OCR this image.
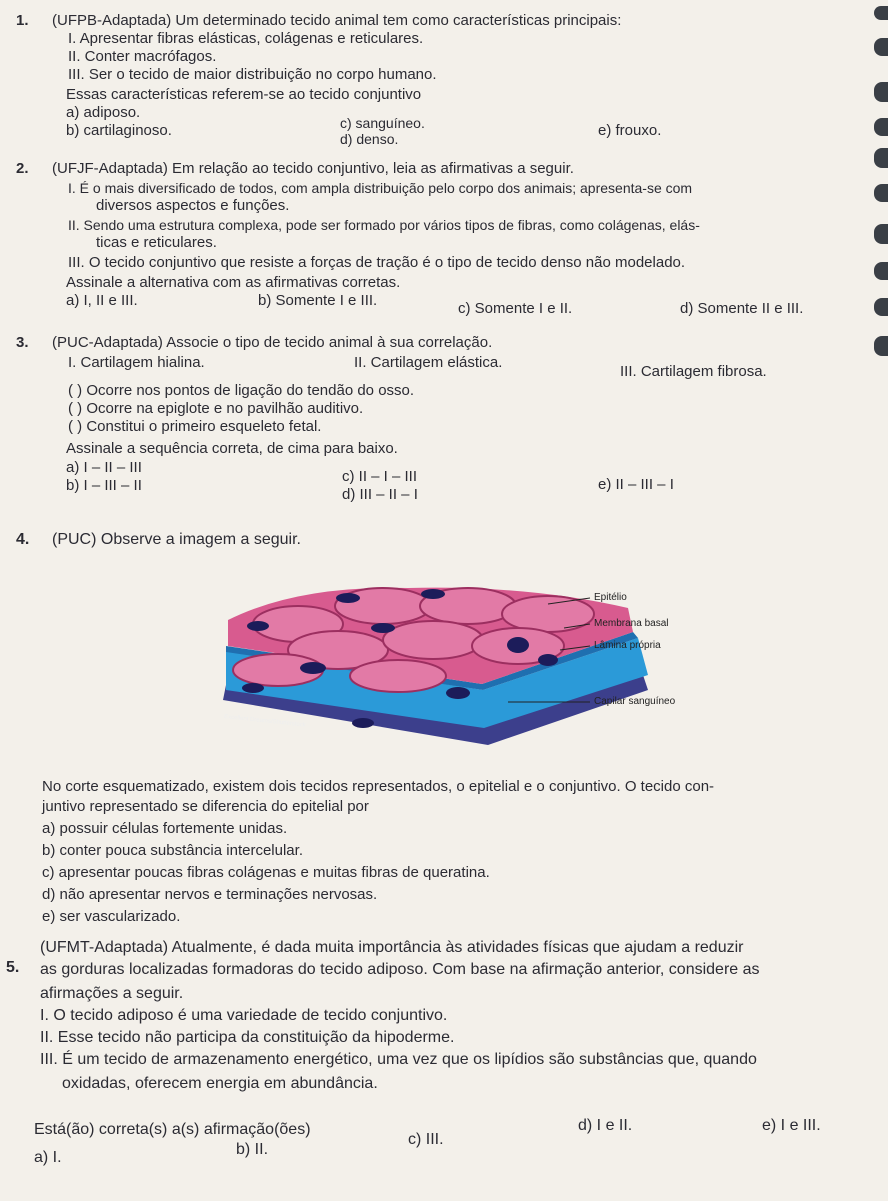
1. (UFPB-Adaptada) Um determinado tecido animal tem como características principais:
I. Apresentar fibras elásticas, colágenas e reticulares.
II. Conter macrófagos.
III. Ser o tecido de maior distribuição no corpo humano.
Essas características referem-se ao tecido conjuntivo
a) adiposo.
b) cartilaginoso.	c) sanguíneo.
d) denso.	e) frouxo.
2. (UFJF-Adaptada) Em relação ao tecido conjuntivo, leia as afirmativas a seguir.
I. É o mais diversificado de todos, com ampla distribuição pelo corpo dos animais; apresenta-se com
diversos aspectos e funções.
II. Sendo uma estrutura complexa, pode ser formado por vários tipos de fibras, como colágenas, elás-
ticas e reticulares.
III. O tecido conjuntivo que resiste a forças de tração é o tipo de tecido denso não modelado.
Assinale a alternativa com as afirmativas corretas.
a) I, II e III.	b) Somente I e III.	c) Somente I e II.	d) Somente II e III.
3. (PUC-Adaptada) Associe o tipo de tecido animal à sua correlação.
I. Cartilagem hialina.	II. Cartilagem elástica.
III. Cartilagem fibrosa.
( ) Ocorre nos pontos de ligação do tendão do osso.
( ) Ocorre na epiglote e no pavilhão auditivo.
( ) Constitui o primeiro esqueleto fetal.
Assinale a sequência correta, de cima para baixo.
a) I – II – III
b) I – III – II
c) II – I – III
d) III – II – I
e) II – III – I
4. (PUC) Observe a imagem a seguir.
Excellent Dreams/Shutterstock
Epitélio
Membrana basal
Lâmina própria
Capilar sanguíneo
No corte esquematizado, existem dois tecidos representados, o epitelial e o conjuntivo. O tecido con-
juntivo representado se diferencia do epitelial por
a) possuir células fortemente unidas.
b) conter pouca substância intercelular.
c) apresentar poucas fibras colágenas e muitas fibras de queratina.
d) não apresentar nervos e terminações nervosas.
e) ser vascularizado.
5.
(UFMT-Adaptada) Atualmente, é dada muita importância às atividades físicas que ajudam a reduzir
as gorduras localizadas formadoras do tecido adiposo. Com base na afirmação anterior, considere as
afirmações a seguir.
I. O tecido adiposo é uma variedade de tecido conjuntivo.
II. Esse tecido não participa da constituição da hipoderme.
III. É um tecido de armazenamento energético, uma vez que os lipídios são substâncias que, quando
oxidadas, oferecem energia em abundância.
Está(ão) correta(s) a(s) afirmação(ões)
a) I.	b) II.
c) III.
d) I e II.	e) I e III.
